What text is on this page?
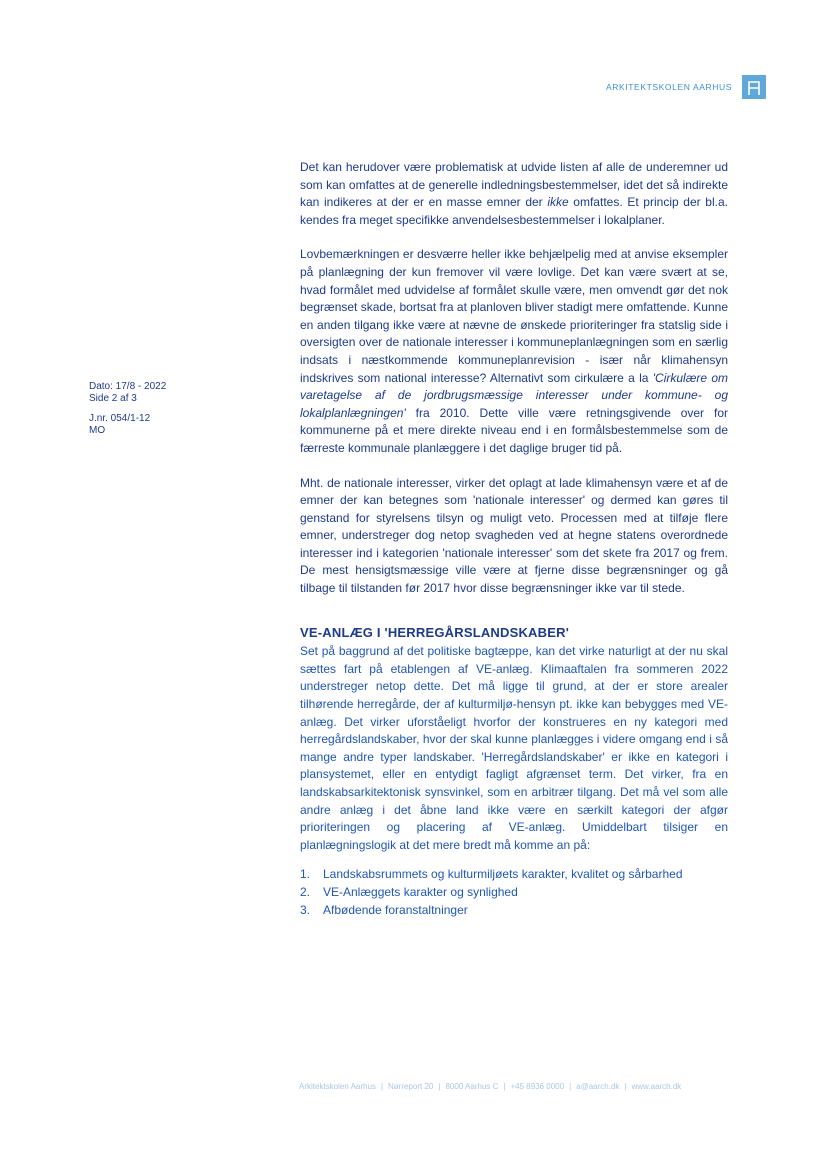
ARKITEKTSKOLEN AARHUS
Dato: 17/8 - 2022
Side 2 af 3
J.nr. 054/1-12
MO

Det kan herudover være problematisk at udvide listen af alle de underemner ud som kan omfattes at de generelle indledningsbestemmelser, idet det så indirekte kan indikeres at der er en masse emner der ikke omfattes. Et princip der bl.a. kendes fra meget specifikke anvendelsesbestemmelser i lokalplaner.

Lovbemærkningen er desværre heller ikke behjælpelig med at anvise eksempler på planlægning der kun fremover vil være lovlige. Det kan være svært at se, hvad formålet med udvidelse af formålet skulle være, men omvendt gør det nok begrænset skade, bortsat fra at planloven bliver stadigt mere omfattende. Kunne en anden tilgang ikke være at nævne de ønskede prioriteringer fra statslig side i oversigten over de nationale interesser i kommuneplanlægningen som en særlig indsats i næstkommende kommuneplanrevision - især når klimahensyn indskrives som national interesse? Alternativt som cirkulære a la 'Cirkulære om varetagelse af de jordbrugsmæssige interesser under kommune- og lokalplanlægningen' fra 2010. Dette ville være retningsgivende over for kommunerne på et mere direkte niveau end i en formålsbestemmelse som de færreste kommunale planlæggere i det daglige bruger tid på.

Mht. de nationale interesser, virker det oplagt at lade klimahensyn være et af de emner der kan betegnes som 'nationale interesser' og dermed kan gøres til genstand for styrelsens tilsyn og muligt veto. Processen med at tilføje flere emner, understreger dog netop svagheden ved at hegne statens overordnede interesser ind i kategorien 'nationale interesser' som det skete fra 2017 og frem. De mest hensigtsmæssige ville være at fjerne disse begrænsninger og gå tilbage til tilstanden før 2017 hvor disse begrænsninger ikke var til stede.

VE-ANLÆG I 'HERREGÅRSLANDSKABER'

Set på baggrund af det politiske bagtæppe, kan det virke naturligt at der nu skal sættes fart på etablengen af VE-anlæg. Klimaaftalen fra sommeren 2022 understreger netop dette. Det må ligge til grund, at der er store arealer tilhørende herregårde, der af kulturmiljø-hensyn pt. ikke kan bebygges med VE-anlæg. Det virker uforståeligt hvorfor der konstrueres en ny kategori med herregårdslandskaber, hvor der skal kunne planlægges i videre omgang end i så mange andre typer landskaber. 'Herregårdslandskaber' er ikke en kategori i plansystemet, eller en entydigt fagligt afgrænset term. Det virker, fra en landskabsarkitektonisk synsvinkel, som en arbitrær tilgang. Det må vel som alle andre anlæg i det åbne land ikke være en særkilt kategori der afgør prioriteringen og placering af VE-anlæg. Umiddelbart tilsiger en planlægningslogik at det mere bredt må komme an på:

1.	Landskabsrummets og kulturmiljøets karakter, kvalitet og sårbarhed
2.	VE-Anlæggets karakter og synlighed
3.	Afbødende foranstaltninger
Arkitektskolen Aarhus | Nørreport 20 | 8000 Aarhus C | +45 8936 0000 | a@aarch.dk | www.aarch.dk
